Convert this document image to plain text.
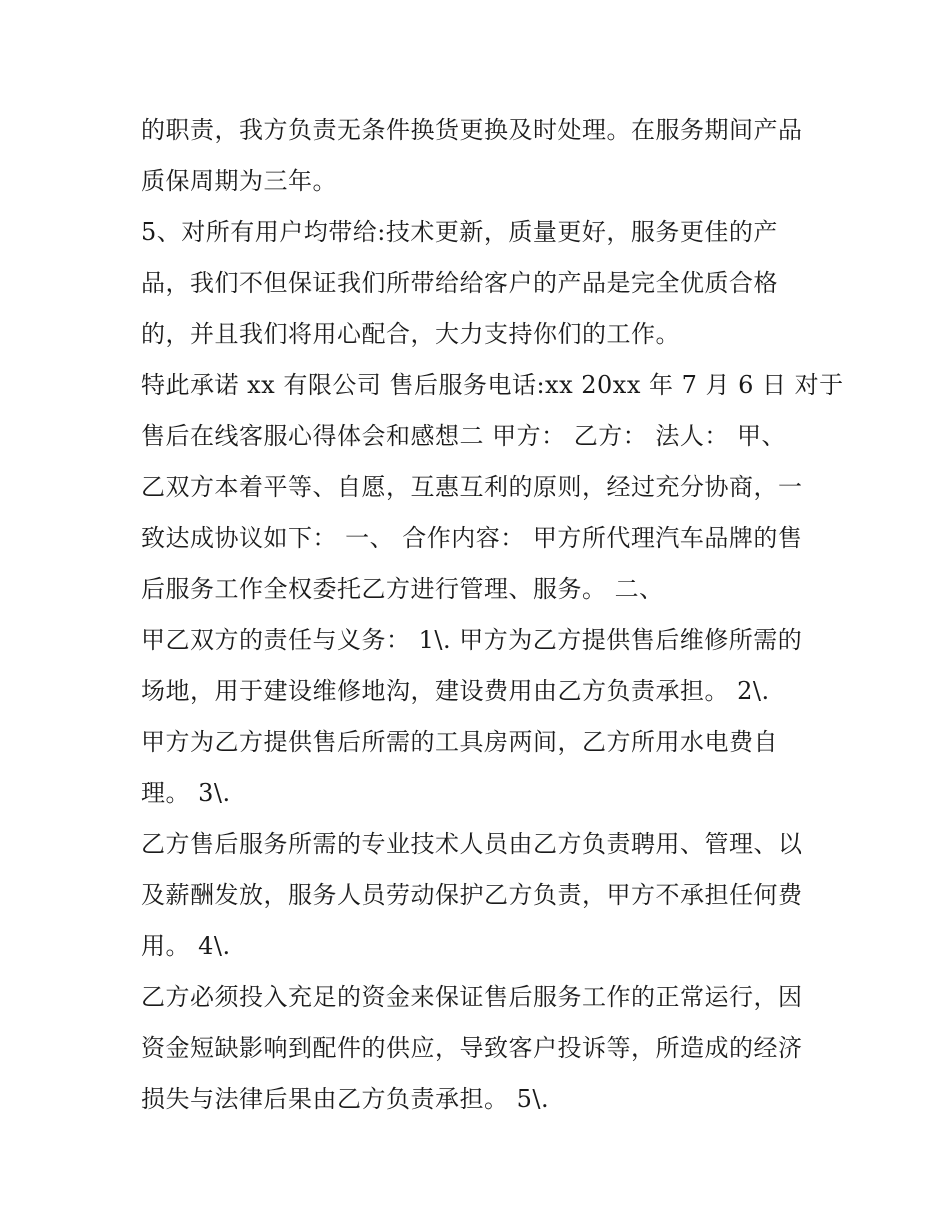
的职责，我方负责无条件换货更换及时处理。在服务期间产品
质保周期为三年。
5、对所有用户均带给:技术更新，质量更好，服务更佳的产
品，我们不但保证我们所带给给客户的产品是完全优质合格
的，并且我们将用心配合，大力支持你们的工作。
特此承诺 xx 有限公司 售后服务电话:xx 20xx 年 7 月 6 日 对于
售后在线客服心得体会和感想二 甲方： 乙方： 法人： 甲、
乙双方本着平等、自愿，互惠互利的原则，经过充分协商，一
致达成协议如下： 一、 合作内容： 甲方所代理汽车品牌的售
后服务工作全权委托乙方进行管理、服务。 二、
甲乙双方的责任与义务： 1\. 甲方为乙方提供售后维修所需的
场地，用于建设维修地沟，建设费用由乙方负责承担。 2\.
甲方为乙方提供售后所需的工具房两间，乙方所用水电费自
理。 3\.
乙方售后服务所需的专业技术人员由乙方负责聘用、管理、以
及薪酬发放，服务人员劳动保护乙方负责，甲方不承担任何费
用。 4\.
乙方必须投入充足的资金来保证售后服务工作的正常运行，因
资金短缺影响到配件的供应，导致客户投诉等，所造成的经济
损失与法律后果由乙方负责承担。 5\.
